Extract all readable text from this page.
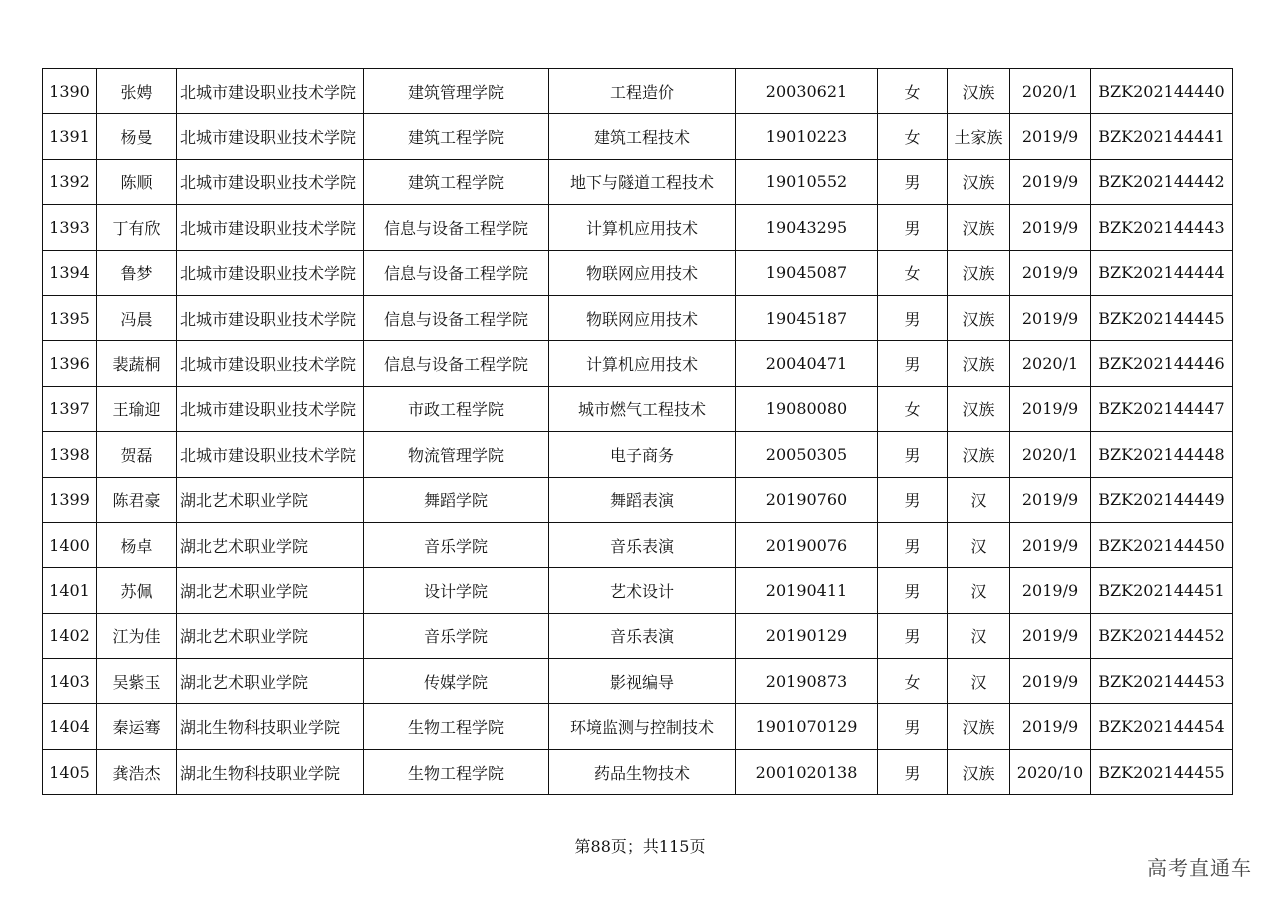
1390	张娉	北城市建设职业技术学院	建筑管理学院	工程造价	20030621	女	汉族	2020/1	BZK202144440
1391	杨曼	北城市建设职业技术学院	建筑工程学院	建筑工程技术	19010223	女	土家族	2019/9	BZK202144441
1392	陈顺	北城市建设职业技术学院	建筑工程学院	地下与隧道工程技术	19010552	男	汉族	2019/9	BZK202144442
1393	丁有欣	北城市建设职业技术学院	信息与设备工程学院	计算机应用技术	19043295	男	汉族	2019/9	BZK202144443
1394	鲁梦	北城市建设职业技术学院	信息与设备工程学院	物联网应用技术	19045087	女	汉族	2019/9	BZK202144444
1395	冯晨	北城市建设职业技术学院	信息与设备工程学院	物联网应用技术	19045187	男	汉族	2019/9	BZK202144445
1396	裴蔬桐	北城市建设职业技术学院	信息与设备工程学院	计算机应用技术	20040471	男	汉族	2020/1	BZK202144446
1397	王瑜迎	北城市建设职业技术学院	市政工程学院	城市燃气工程技术	19080080	女	汉族	2019/9	BZK202144447
1398	贺磊	北城市建设职业技术学院	物流管理学院	电子商务	20050305	男	汉族	2020/1	BZK202144448
1399	陈君豪	湖北艺术职业学院	舞蹈学院	舞蹈表演	20190760	男	汉	2019/9	BZK202144449
1400	杨卓	湖北艺术职业学院	音乐学院	音乐表演	20190076	男	汉	2019/9	BZK202144450
1401	苏佩	湖北艺术职业学院	设计学院	艺术设计	20190411	男	汉	2019/9	BZK202144451
1402	江为佳	湖北艺术职业学院	音乐学院	音乐表演	20190129	男	汉	2019/9	BZK202144452
1403	吴紫玉	湖北艺术职业学院	传媒学院	影视编导	20190873	女	汉	2019/9	BZK202144453
1404	秦运骞	湖北生物科技职业学院	生物工程学院	环境监测与控制技术	1901070129	男	汉族	2019/9	BZK202144454
1405	龚浩杰	湖北生物科技职业学院	生物工程学院	药品生物技术	2001020138	男	汉族	2020/10	BZK202144455
第88页；共115页
高考直通车
